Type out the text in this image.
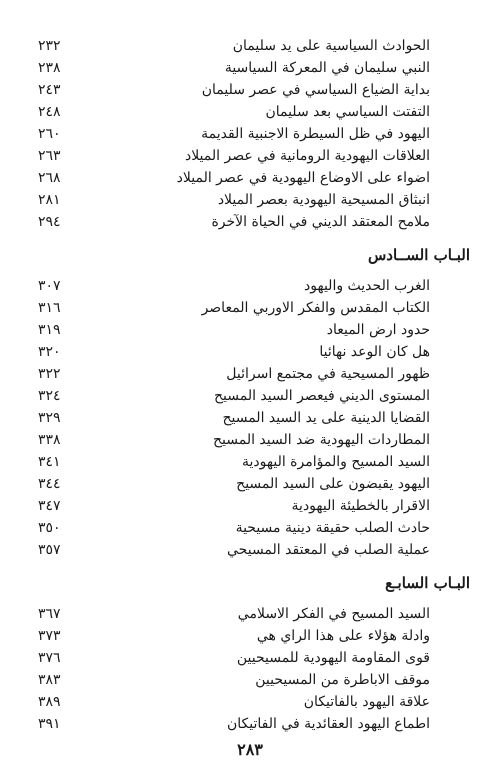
الحوادث السياسية على يد سليمان
٢٣٢
النبي سليمان في المعركة السياسية
٢٣٨
بداية الضياع السياسي في عصر سليمان
٢٤٣
التفتت السياسي بعد سليمان
٢٤٨
اليهود في ظل السيطرة الاجنبية القديمة
٢٦٠
العلاقات اليهودية الرومانية في عصر الميلاد
٢٦٣
اضواء على الاوضاع اليهودية في عصر الميلاد
٢٦٨
انبثاق المسيحية اليهودية بعصر الميلاد
٢٨١
ملامح المعتقد الديني في الحياة الآخرة
٢٩٤
البـاب الســادس
الغرب الحديث واليهود
٣٠٧
الكتاب المقدس والفكر الاوربي المعاصر
٣١٦
حدود ارض الميعاد
٣١٩
هل كان الوعد نهائيا
٣٢٠
ظهور المسيحية في مجتمع اسرائيل
٣٢٢
المستوى الديني فيعصر السيد المسيح
٣٢٤
القضايا الدينية على يد السيد المسيح
٣٢٩
المطاردات اليهودية ضد السيد المسيح
٣٣٨
السيد المسيح والمؤامرة اليهودية
٣٤١
اليهود يقبضون على السيد المسيح
٣٤٤
الاقرار بالخطيئة اليهودية
٣٤٧
حادث الصلب حقيقة دينية مسيحية
٣٥٠
عملية الصلب في المعتقد المسيحي
٣٥٧
البـاب السابـع
السيد المسيح في الفكر الاسلامي
٣٦٧
وادلة هؤلاء على هذا الراي هي
٣٧٣
قوى المقاومة اليهودية للمسيحيين
٣٧٦
موقف الاباطرة من المسيحيين
٣٨٣
علاقة اليهود بالفاتيكان
٣٨٩
اطماع اليهود العقائدية في الفاتيكان
٣٩١
٢٨٣
